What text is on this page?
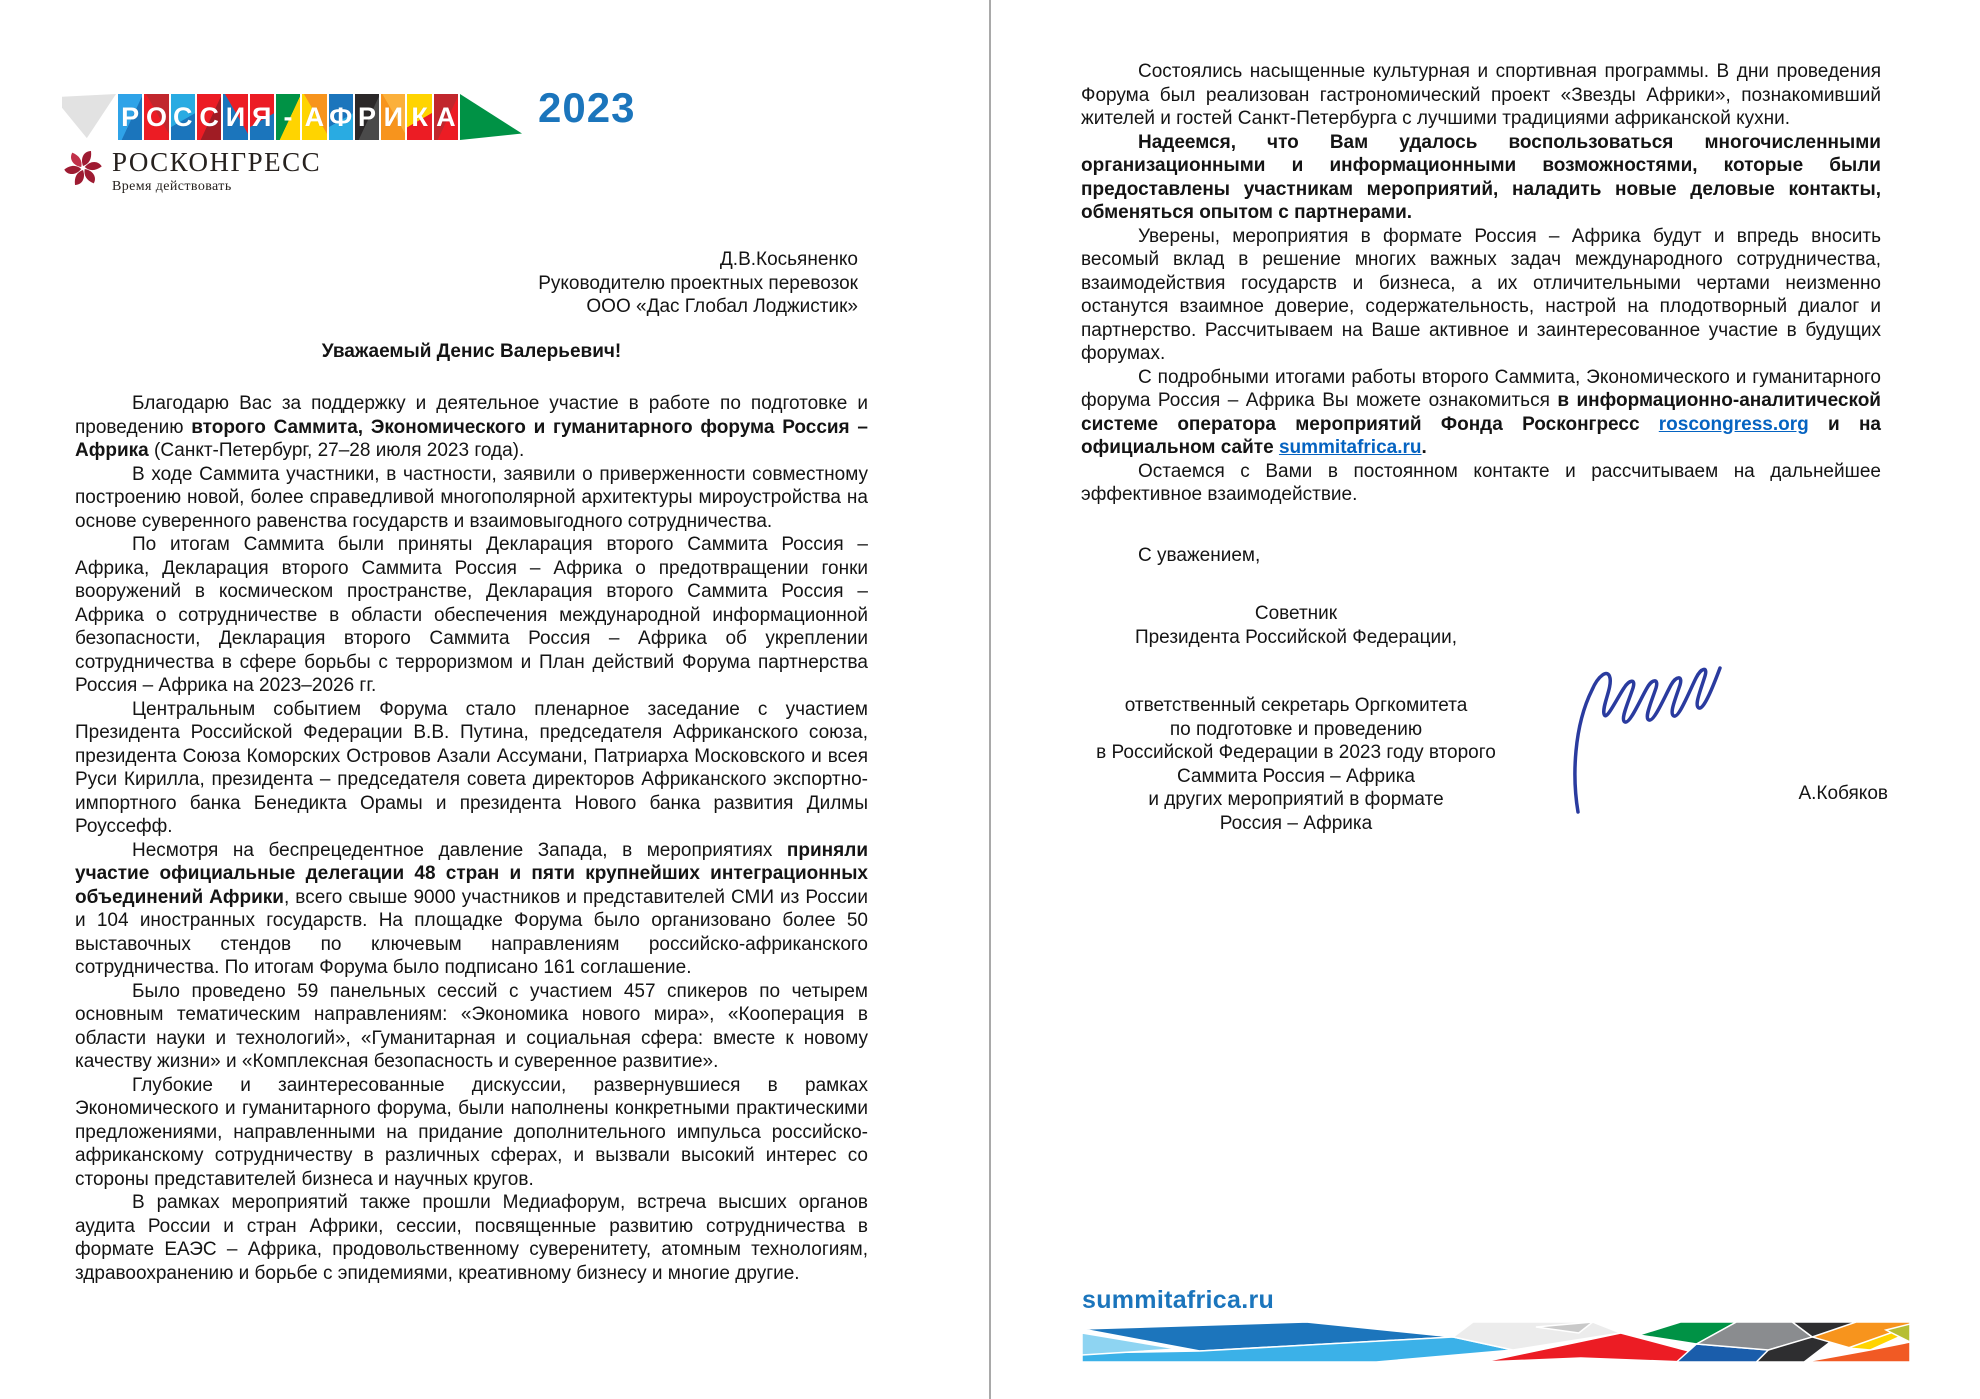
Р О С С И Я - А Ф Р И К А 2023
РОСКОНГРЕСС
Время действовать
Д.В.Косьяненко
Руководителю проектных перевозок
ООО «Дас Глобал Лоджистик»
Уважаемый Денис Валерьевич!

Благодарю Вас за поддержку и деятельное участие в работе по подготовке и проведению второго Саммита, Экономического и гуманитарного форума Россия – Африка (Санкт-Петербург, 27–28 июля 2023 года).

В ходе Саммита участники, в частности, заявили о приверженности совместному построению новой, более справедливой многополярной архитектуры мироустройства на основе суверенного равенства государств и взаимовыгодного сотрудничества.

По итогам Саммита были приняты Декларация второго Саммита Россия – Африка, Декларация второго Саммита Россия – Африка о предотвращении гонки вооружений в космическом пространстве, Декларация второго Саммита Россия – Африка о сотрудничестве в области обеспечения международной информационной безопасности, Декларация второго Саммита Россия – Африка об укреплении сотрудничества в сфере борьбы с терроризмом и План действий Форума партнерства Россия – Африка на 2023–2026 гг.

Центральным событием Форума стало пленарное заседание с участием Президента Российской Федерации В.В. Путина, председателя Африканского союза, президента Союза Коморских Островов Азали Ассумани, Патриарха Московского и всея Руси Кирилла, президента – председателя совета директоров Африканского экспортно-импортного банка Бенедикта Орамы и президента Нового банка развития Дилмы Роуссефф.

Несмотря на беспрецедентное давление Запада, в мероприятиях приняли участие официальные делегации 48 стран и пяти крупнейших интеграционных объединений Африки, всего свыше 9000 участников и представителей СМИ из России и 104 иностранных государств. На площадке Форума было организовано более 50 выставочных стендов по ключевым направлениям российско-африканского сотрудничества. По итогам Форума было подписано 161 соглашение.

Было проведено 59 панельных сессий с участием 457 спикеров по четырем основным тематическим направлениям: «Экономика нового мира», «Кооперация в области науки и технологий», «Гуманитарная и социальная сфера: вместе к новому качеству жизни» и «Комплексная безопасность и суверенное развитие».

Глубокие и заинтересованные дискуссии, развернувшиеся в рамках Экономического и гуманитарного форума, были наполнены конкретными практическими предложениями, направленными на придание дополнительного импульса российско-африканскому сотрудничеству в различных сферах, и вызвали высокий интерес со стороны представителей бизнеса и научных кругов.

В рамках мероприятий также прошли Медиафорум, встреча высших органов аудита России и стран Африки, сессии, посвященные развитию сотрудничества в формате ЕАЭС – Африка, продовольственному суверенитету, атомным технологиям, здравоохранению и борьбе с эпидемиями, креативному бизнесу и многие другие.

Состоялись насыщенные культурная и спортивная программы. В дни проведения Форума был реализован гастрономический проект «Звезды Африки», познакомивший жителей и гостей Санкт-Петербурга с лучшими традициями африканской кухни.

Надеемся, что Вам удалось воспользоваться многочисленными организационными и информационными возможностями, которые были предоставлены участникам мероприятий, наладить новые деловые контакты, обменяться опытом с партнерами.

Уверены, мероприятия в формате Россия – Африка будут и впредь вносить весомый вклад в решение многих важных задач международного сотрудничества, взаимодействия государств и бизнеса, а их отличительными чертами неизменно останутся взаимное доверие, содержательность, настрой на плодотворный диалог и партнерство. Рассчитываем на Ваше активное и заинтересованное участие в будущих форумах.

С подробными итогами работы второго Саммита, Экономического и гуманитарного форума Россия – Африка Вы можете ознакомиться в информационно-аналитической системе оператора мероприятий Фонда Росконгресс roscongress.org и на официальном сайте summitafrica.ru.

Остаемся с Вами в постоянном контакте и рассчитываем на дальнейшее эффективное взаимодействие.

С уважением,
Советник
Президента Российской Федерации,
ответственный секретарь Оргкомитета
по подготовке и проведению
в Российской Федерации в 2023 году второго
Саммита Россия – Африка
и других мероприятий в формате
Россия – Африка
А.Кобяков
summitafrica.ru
